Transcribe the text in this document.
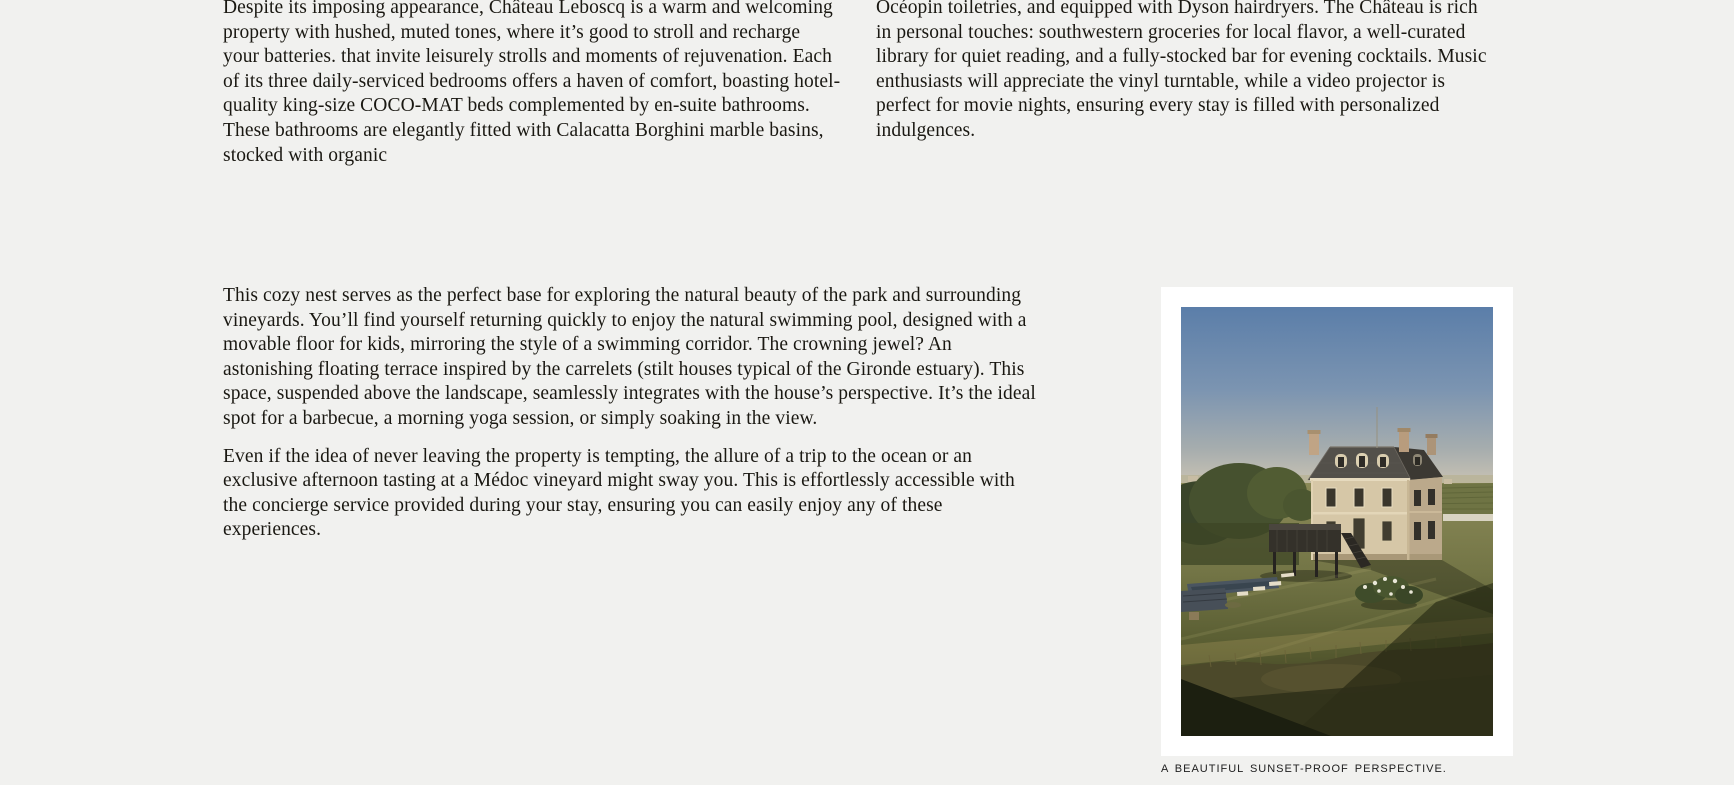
Despite its imposing appearance, Château Leboscq is a warm and welcoming property with hushed, muted tones, where it’s good to stroll and recharge your batteries. that invite leisurely strolls and moments of rejuvenation. Each of its three daily-serviced bedrooms offers a haven of comfort, boasting hotel-quality king-size COCO-MAT beds complemented by en-suite bathrooms. These bathrooms are elegantly fitted with Calacatta Borghini marble basins, stocked with organic

Océopin toiletries, and equipped with Dyson hairdryers. The Château is rich in personal touches: southwestern groceries for local flavor, a well-curated library for quiet reading, and a fully-stocked bar for evening cocktails. Music enthusiasts will appreciate the vinyl turntable, while a video projector is perfect for movie nights, ensuring every stay is filled with personalized indulgences.

This cozy nest serves as the perfect base for exploring the natural beauty of the park and surrounding vineyards. You’ll find yourself returning quickly to enjoy the natural swimming pool, designed with a movable floor for kids, mirroring the style of a swimming corridor. The crowning jewel? An astonishing floating terrace inspired by the carrelets (stilt houses typical of the Gironde estuary). This space, suspended above the landscape, seamlessly integrates with the house’s perspective. It’s the ideal spot for a barbecue, a morning yoga session, or simply soaking in the view.

Even if the idea of never leaving the property is tempting, the allure of a trip to the ocean or an exclusive afternoon tasting at a Médoc vineyard might sway you. This is effortlessly accessible with the concierge service provided during your stay, ensuring you can easily enjoy any of these experiences.

A BEAUTIFUL SUNSET-PROOF PERSPECTIVE.
